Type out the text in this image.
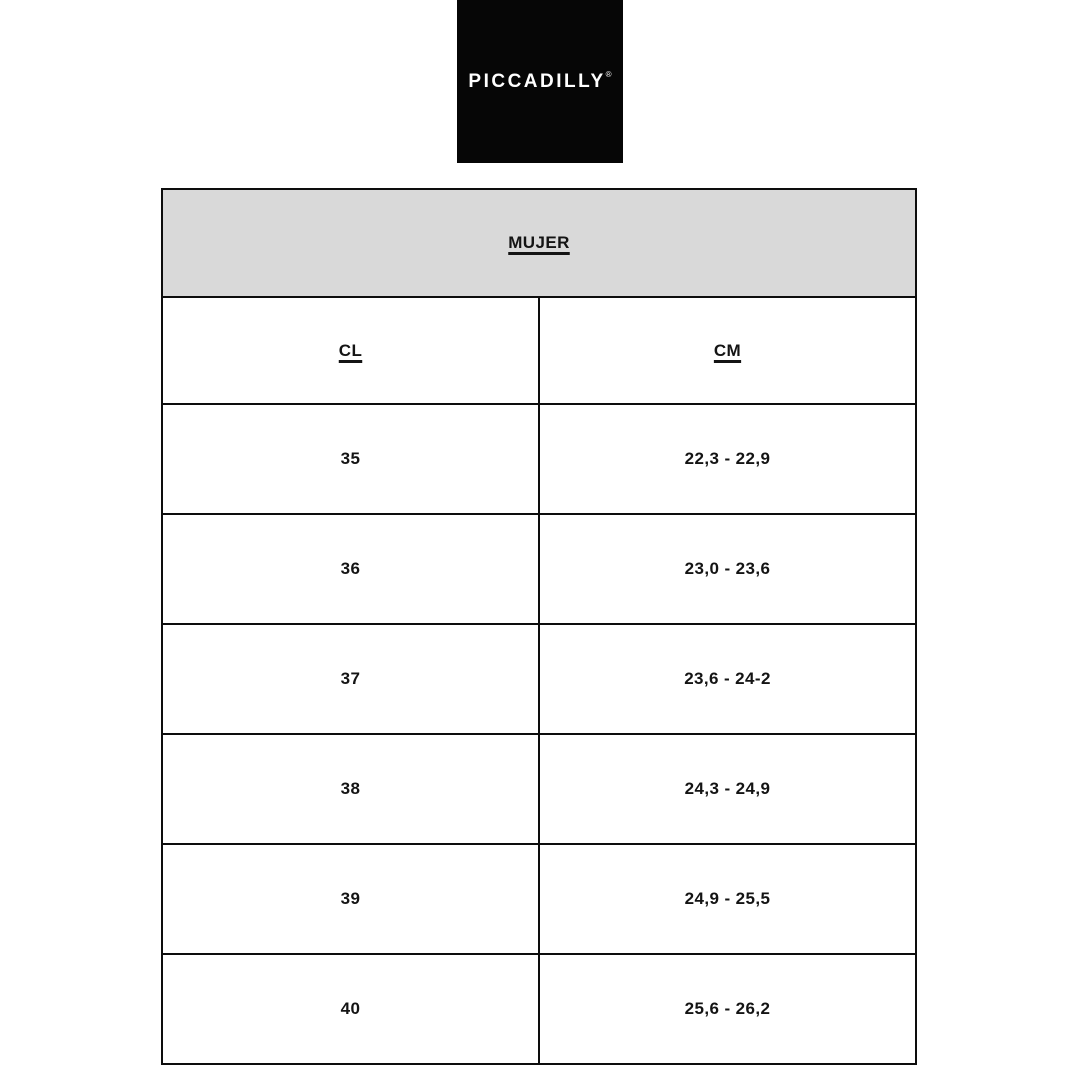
PICCADILLY®
MUJER	
CL	CM
35	22,3 - 22,9
36	23,0 - 23,6
37	23,6 - 24-2
38	24,3 - 24,9
39	24,9 - 25,5
40	25,6 - 26,2
